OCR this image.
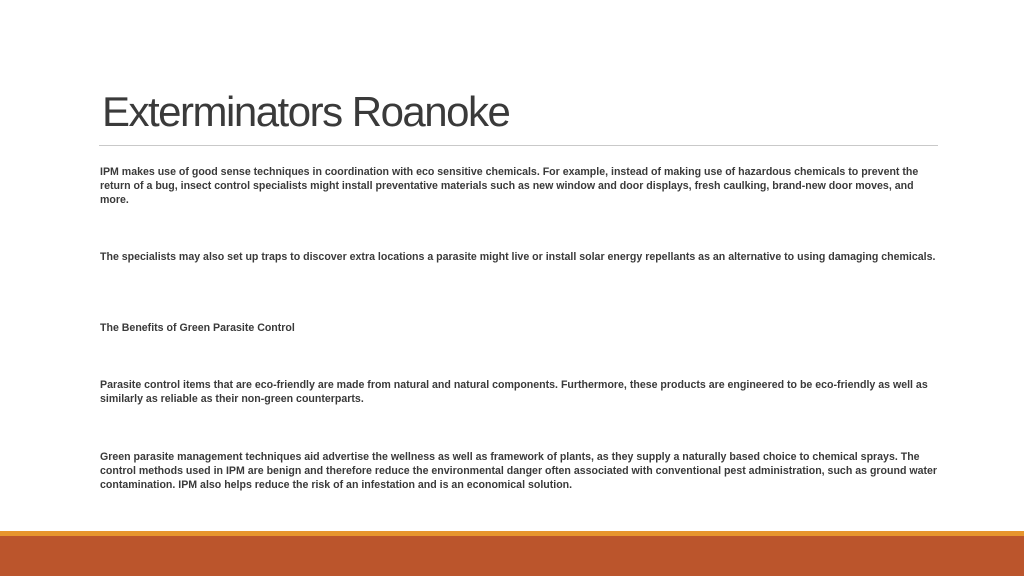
Exterminators Roanoke

IPM makes use of good sense techniques in coordination with eco sensitive chemicals. For example, instead of making use of hazardous chemicals to prevent the return of a bug, insect control specialists might install preventative materials such as new window and door displays, fresh caulking, brand-new door moves, and more.

The specialists may also set up traps to discover extra locations a parasite might live or install solar energy repellants as an alternative to using damaging chemicals.

The Benefits of Green Parasite Control

Parasite control items that are eco-friendly are made from natural and natural components. Furthermore, these products are engineered to be eco-friendly as well as similarly as reliable as their non-green counterparts.

Green parasite management techniques aid advertise the wellness as well as framework of plants, as they supply a naturally based choice to chemical sprays. The control methods used in IPM are benign and therefore reduce the environmental danger often associated with conventional pest administration, such as ground water contamination. IPM also helps reduce the risk of an infestation and is an economical solution.
